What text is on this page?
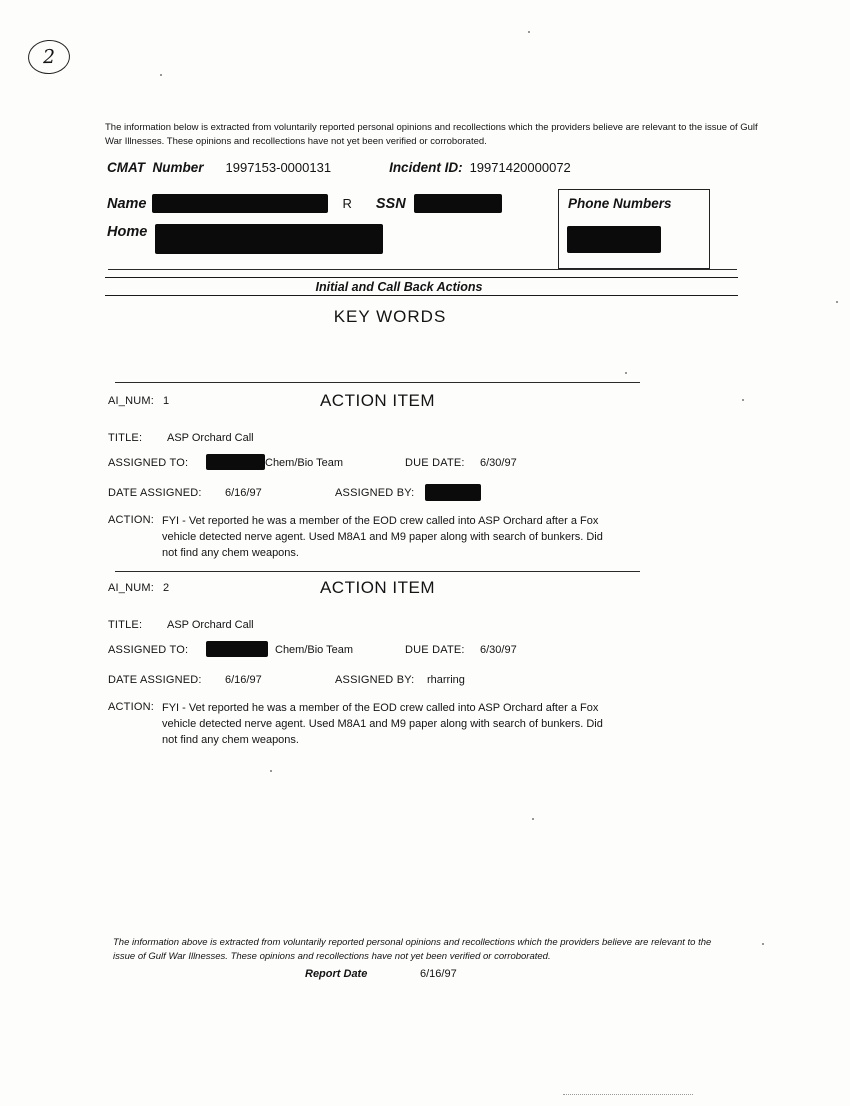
2
The information below is extracted from voluntarily reported personal opinions and recollections which the providers believe are relevant to the issue of Gulf War Illnesses. These opinions and recollections have not yet been verified or corroborated.
CMAT  Number 1997153-0000131	Incident ID: 19971420000072
Name	R SSN
Home
Phone Numbers
Initial and Call Back Actions
KEY WORDS
AI_NUM: 1	ACTION ITEM
TITLE: ASP Orchard Call
ASSIGNED TO:	Chem/Bio Team	DUE DATE: 6/30/97
DATE ASSIGNED: 6/16/97	ASSIGNED BY:
ACTION: FYI - Vet reported he was a member of the EOD crew called into ASP Orchard after a Fox vehicle detected nerve agent. Used M8A1 and M9 paper along with search of bunkers. Did not find any chem weapons.
AI_NUM: 2	ACTION ITEM
TITLE: ASP Orchard Call
ASSIGNED TO:	Chem/Bio Team	DUE DATE: 6/30/97
DATE ASSIGNED: 6/16/97	ASSIGNED BY: rharring
ACTION: FYI - Vet reported he was a member of the EOD crew called into ASP Orchard after a Fox vehicle detected nerve agent. Used M8A1 and M9 paper along with search of bunkers. Did not find any chem weapons.
The information above is extracted from voluntarily reported personal opinions and recollections which the providers believe are relevant to the issue of Gulf War Illnesses. These opinions and recollections have not yet been verified or corroborated.
Report Date	6/16/97
